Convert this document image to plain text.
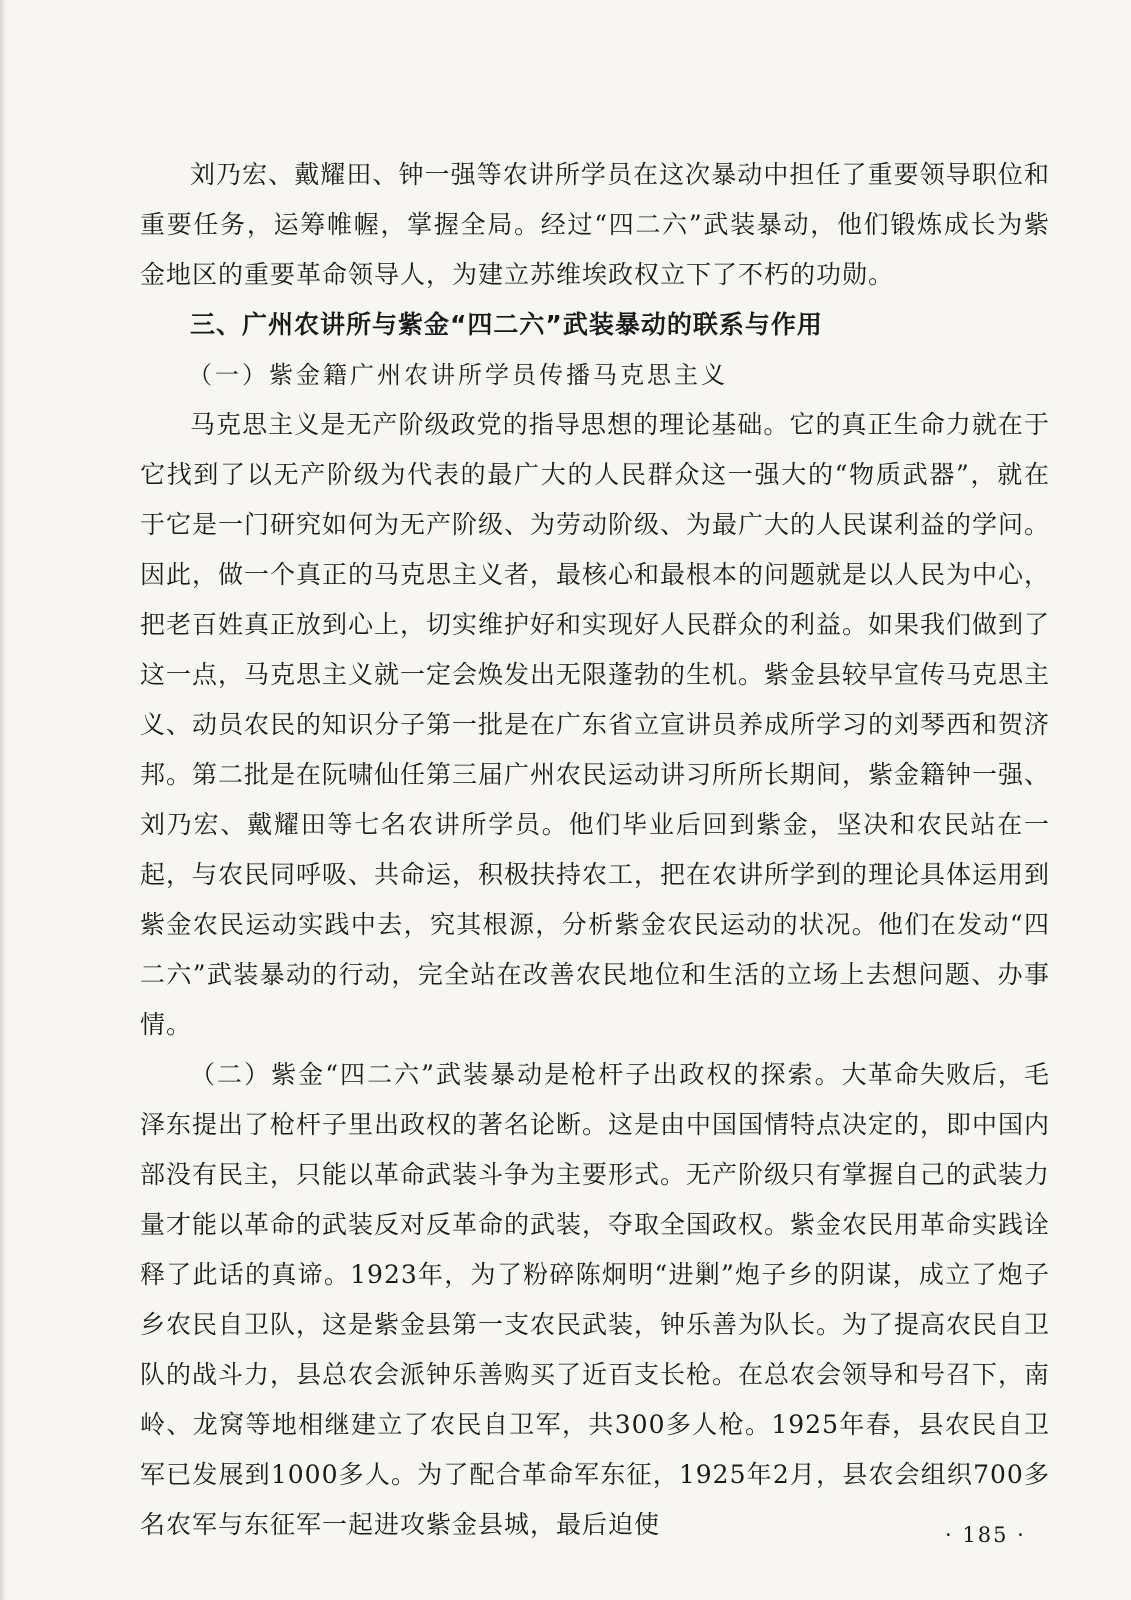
刘乃宏、戴耀田、钟一强等农讲所学员在这次暴动中担任了重要领导职位和重要任务，运筹帷幄，掌握全局。经过“四二六”武装暴动，他们锻炼成长为紫金地区的重要革命领导人，为建立苏维埃政权立下了不朽的功勋。

三、广州农讲所与紫金“四二六”武装暴动的联系与作用

（一）紫金籍广州农讲所学员传播马克思主义

马克思主义是无产阶级政党的指导思想的理论基础。它的真正生命力就在于它找到了以无产阶级为代表的最广大的人民群众这一强大的“物质武器”，就在于它是一门研究如何为无产阶级、为劳动阶级、为最广大的人民谋利益的学问。因此，做一个真正的马克思主义者，最核心和最根本的问题就是以人民为中心，把老百姓真正放到心上，切实维护好和实现好人民群众的利益。如果我们做到了这一点，马克思主义就一定会焕发出无限蓬勃的生机。紫金县较早宣传马克思主义、动员农民的知识分子第一批是在广东省立宣讲员养成所学习的刘琴西和贺济邦。第二批是在阮啸仙任第三届广州农民运动讲习所所长期间，紫金籍钟一强、刘乃宏、戴耀田等七名农讲所学员。他们毕业后回到紫金，坚决和农民站在一起，与农民同呼吸、共命运，积极扶持农工，把在农讲所学到的理论具体运用到紫金农民运动实践中去，究其根源，分析紫金农民运动的状况。他们在发动“四二六”武装暴动的行动，完全站在改善农民地位和生活的立场上去想问题、办事情。

（二）紫金“四二六”武装暴动是枪杆子出政权的探索。大革命失败后，毛泽东提出了枪杆子里出政权的著名论断。这是由中国国情特点决定的，即中国内部没有民主，只能以革命武装斗争为主要形式。无产阶级只有掌握自己的武装力量才能以革命的武装反对反革命的武装，夺取全国政权。紫金农民用革命实践诠释了此话的真谛。1923年，为了粉碎陈炯明“进剿”炮子乡的阴谋，成立了炮子乡农民自卫队，这是紫金县第一支农民武装，钟乐善为队长。为了提高农民自卫队的战斗力，县总农会派钟乐善购买了近百支长枪。在总农会领导和号召下，南岭、龙窝等地相继建立了农民自卫军，共300多人枪。1925年春，县农民自卫军已发展到1000多人。为了配合革命军东征，1925年2月，县农会组织700多名农军与东征军一起进攻紫金县城，最后迫使	· 185 ·
